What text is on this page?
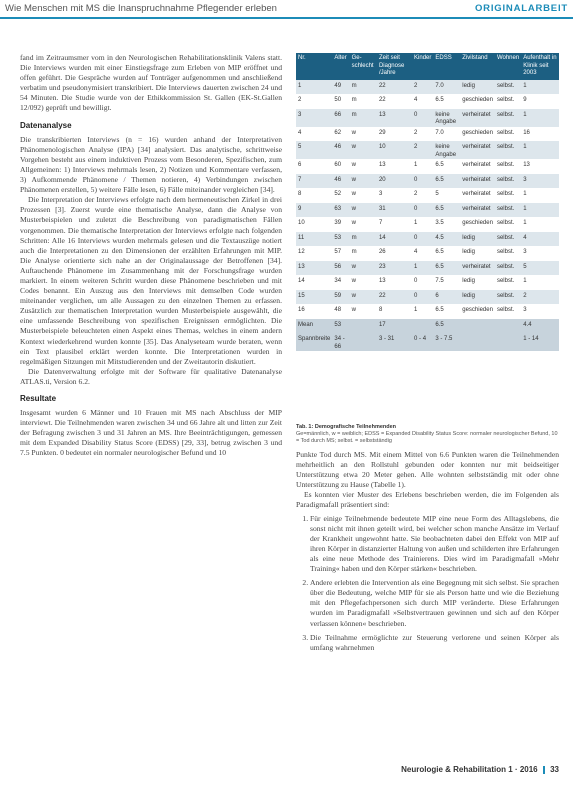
Wie Menschen mit MS die Inanspruchnahme Pflegender erleben	ORIGINALARBEIT

fand im Zeitraumsmer vom in den Neurologischen Rehabilitationsklinik Valens statt. Die Interviews wurden mit einer Einstiegsfrage zum Erleben von MIP eröffnet und offen geführt. Die Gespräche wurden auf Tonträger aufgenommen und anschließend verbatim und pseudonymisiert transkribiert. Die Interviews dauerten zwischen 24 und 54 Minuten. Die Studie wurde von der Ethikkommission St. Gallen (EK-St.Gallen 12/092) geprüft und bewilligt.

Datenanalyse

Die transkribierten Interviews (n = 16) wurden anhand der Interpretativen Phänomenologischen Analyse (IPA) [34] analysiert. Das analytische, schrittweise Vorgehen besteht aus einem induktiven Prozess vom Besonderen, Spezifischen, zum Allgemeinen: 1) Interviews mehrmals lesen, 2) Notizen und Kommentare verfassen, 3) Aufkommende Phänomene / Themen notieren, 4) Verbindungen zwischen Phänomenen erstellen, 5) weitere Fälle lesen, 6) Fälle miteinander vergleichen [34].

Die Interpretation der Interviews erfolgte nach dem hermeneutischen Zirkel in drei Prozessen [3]. Zuerst wurde eine thematische Analyse, dann die Analyse von Musterbeispielen und zuletzt die Beschreibung von paradigmatischen Fällen vorgenommen. Die thematische Interpretation der Interviews erfolgte nach folgenden Schritten: Alle 16 Interviews wurden mehrmals gelesen und die Textauszüge notiert auch die Interpretationen zu den Dimensionen der erzählten Erfahrungen mit MIP. Die Analyse orientierte sich nahe an der Originalaussage der Betroffenen [34]. Auftauchende Phänomene im Zusammenhang mit der Forschungsfrage wurden markiert. In einem weiteren Schritt wurden diese Phänomene beschrieben und mit Codes benannt. Ein Auszug aus den Interviews mit demselben Code wurden miteinander verglichen, um alle Aussagen zu den einzelnen Themen zu erfassen. Zusätzlich zur thematischen Interpretation wurden Musterbeispiele ausgewählt, die eine umfassende Beschreibung von spezifischen Ereignissen ermöglichten. Die Musterbeispiele beleuchteten einen Aspekt eines Themas, welches in einem andern Kontext wiederkehrend wurden konnte [35]. Das Analyseteam wurde beraten, wenn ein Text plausibel erklärt werden konnte. Die Interpretationen wurden in regelmäßigen Sitzungen mit Mitstudierenden und der Zweitautorin diskutiert.

Die Datenverwaltung erfolgte mit der Software für qualitative Datenanalyse ATLAS.ti, Version 6.2.

Resultate

Insgesamt wurden 6 Männer und 10 Frauen mit MS nach Abschluss der MIP interviewt. Die Teilnehmenden waren zwischen 34 und 66 Jahre alt und litten zur Zeit der Befragung zwischen 3 und 31 Jahren an MS. Ihre Beeinträchtigungen, gemessen mit dem Expanded Disability Status Score (EDSS) [29, 33], betrug zwischen 3 und 7.5 Punkten. 0 bedeutet ein normaler neurologischer Befund und 10

Nr.	Alter	Ge-schlecht	Zeit seit Diagnose /Jahre	Kinder	EDSS	Zivilstand	Wohnen	Aufenthalt in Klinik seit 2003
1	49	m	22	2	7.0	ledig	selbst.	1
2	50	m	22	4	6.5	geschieden	selbst.	9
3	66	m	13	0	keine Angabe	verheiratet	selbst.	1
4	62	w	29	2	7.0	geschieden	selbst.	16
5	46	w	10	2	keine Angabe	verheiratet	selbst.	1
6	60	w	13	1	6.5	verheiratet	selbst.	13
7	46	w	20	0	6.5	verheiratet	selbst.	3
8	52	w	3	2	5	verheiratet	selbst.	1
9	63	w	31	0	6.5	verheiratet	selbst.	1
10	39	w	7	1	3.5	geschieden	selbst.	1
11	53	m	14	0	4.5	ledig	selbst.	4
12	57	m	26	4	6.5	ledig	selbst.	3
13	56	w	23	1	6.5	verheiratet	selbst.	5
14	34	w	13	0	7.5	ledig	selbst.	1
15	59	w	22	0	6	ledig	selbst.	2
16	48	w	8	1	6.5	geschieden	selbst.	3
Mean	53		17		6.5			4.4
Spannbreite	34 - 66		3 - 31	0 - 4	3 - 7.5			1 - 14
Tab. 1: Demografische Teilnehmenden
Ge=männlich, w = weiblich; EDSS = Expanded Disability Status Score: normaler neurologischer Befund, 10 = Tod durch MS; selbst. = selbstständig

Punkte Tod durch MS. Mit einem Mittel von 6.6 Punkten waren die Teilnehmenden mehrheitlich an den Rollstuhl gebunden oder konnten nur mit beidseitiger Unterstützung etwa 20 Meter gehen. Alle wohnten selbstständig mit oder ohne Unterstützung zu Hause (Tabelle 1).

Es konnten vier Muster des Erlebens beschrieben werden, die im Folgenden als Paradigmafall präsentiert sind:

1. Für einige Teilnehmende bedeutete MIP eine neue Form des Alltagslebens, die sonst nicht mit ihnen geteilt wird, bei welcher schon manche Ansätze im Verlauf der Krankheit ungewohnt hatte. Sie beobachteten dabei den Effekt von MIP auf ihren Körper in distanzierter Haltung von außen und schilderten ihre Erfahrungen als eine neue Methode des Trainierens. Dies wird im Paradigmafall »Mehr Training« haben und den Körper stärken« beschrieben.
2. Andere erlebten die Intervention als eine Begegnung mit sich selbst. Sie sprachen über die Bedeutung, welche MIP für sie als Person hatte und wie die Beziehung mit den Pflegefachpersonen sich durch MIP veränderte. Diese Erfahrungen wurden im Paradigmafall »Selbstvertrauen gewinnen und sich auf den Körper verlassen können« beschrieben.
3. Die Teilnahme ermöglichte zur Steuerung verlorene und seinen Körper als umfang wahrnehmen
Neurologie & Rehabilitation 1 · 2016 33
